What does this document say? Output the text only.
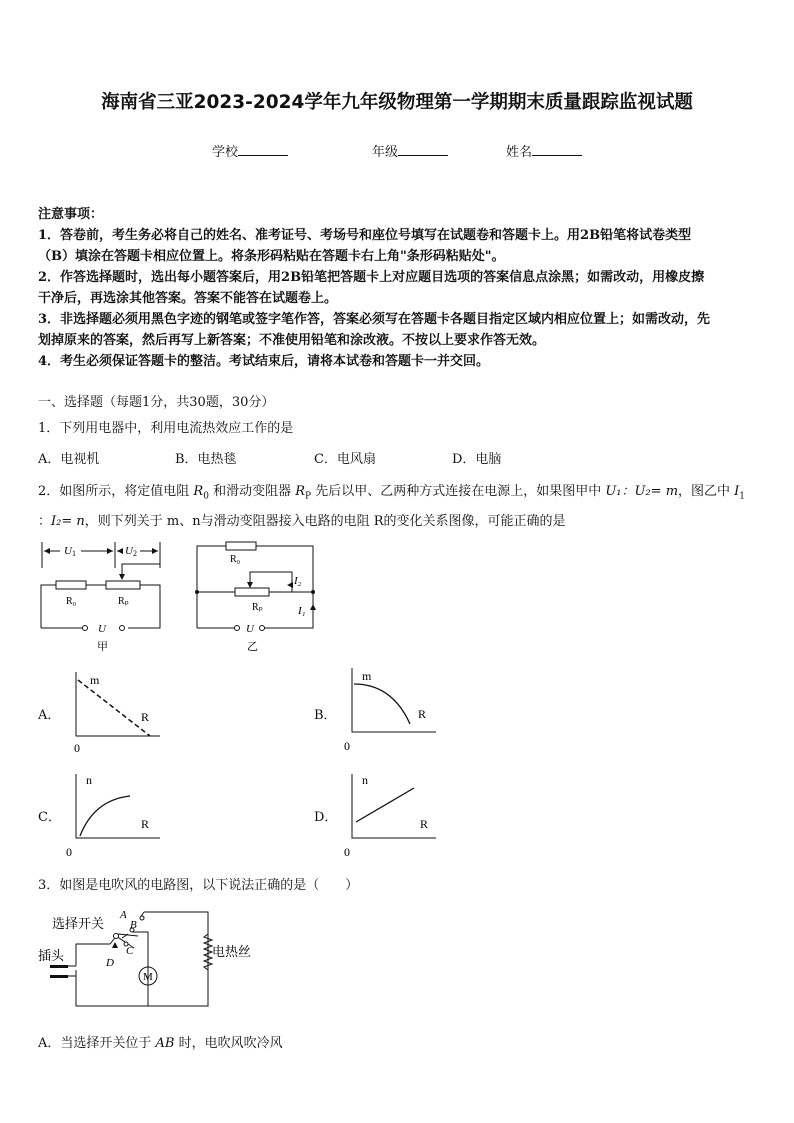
海南省三亚2023-2024学年九年级物理第一学期期末质量跟踪监视试题
学校	年级	姓名
注意事项：
1．答卷前，考生务必将自己的姓名、准考证号、考场号和座位号填写在试题卷和答题卡上。用2B铅笔将试卷类型
（B）填涂在答题卡相应位置上。将条形码粘贴在答题卡右上角"条形码粘贴处"。
2．作答选择题时，选出每小题答案后，用2B铅笔把答题卡上对应题目选项的答案信息点涂黑；如需改动，用橡皮擦
干净后，再选涂其他答案。答案不能答在试题卷上。
3．非选择题必须用黑色字迹的钢笔或签字笔作答，答案必须写在答题卡各题目指定区域内相应位置上；如需改动，先
划掉原来的答案，然后再写上新答案；不准使用铅笔和涂改液。不按以上要求作答无效。
4．考生必须保证答题卡的整洁。考试结束后，请将本试卷和答题卡一并交回。
一、选择题（每题1分，共30题，30分）
1．下列用电器中，利用电流热效应工作的是
A．电视机	B．电热毯	C．电风扇	D．电脑
2．如图所示，将定值电阻 $R_0$ 和滑动变阻器 $R_P$ 先后以甲、乙两种方式连接在电源上，如果图甲中 U₁：U₂= m，图乙中 $I_1$
：I₂= n，则下列关于 m、n与滑动变阻器接入电路的电阻 R的变化关系图像，可能正确的是
U 1	U 2
R₀	Rₚ
U
甲
R₀
Rₚ
I₂
I₁
U
乙
A．
m
R
0
B．
m
R
0
C．
n
R
0
D．
n
R
0
3．如图是电吹风的电路图，以下说法正确的是（　　）
选择开关
插头	电热丝
A
B
C
D
M
A．当选择开关位于 AB 时，电吹风吹冷风
